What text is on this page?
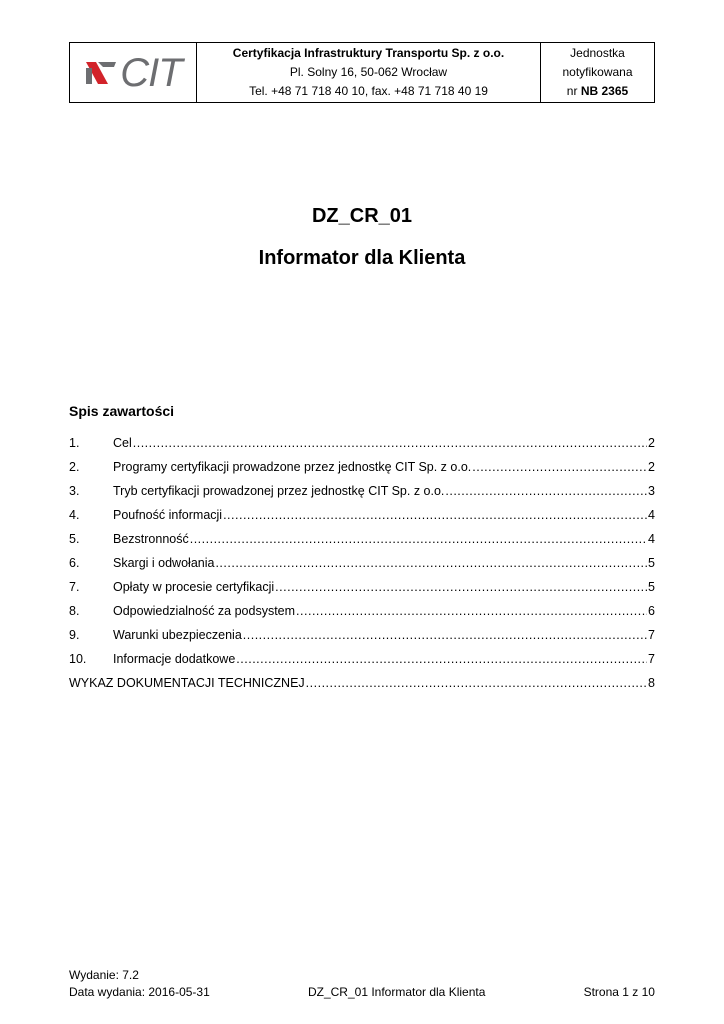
CIT	Certyfikacja Infrastruktury Transportu Sp. z o.o.
Pl. Solny 16, 50-062 Wrocław
Tel. +48 71 718 40 10, fax. +48 71 718 40 19
Jednostka
notyfikowana
nr NB 2365
DZ_CR_01
Informator dla Klienta
Spis zawartości
1.	Cel .....	2
2.	Programy certyfikacji prowadzone przez jednostkę CIT Sp. z o.o. .....	2
3.	Tryb certyfikacji prowadzonej przez jednostkę CIT Sp. z o.o. .....	3
4.	Poufność informacji .....	4
5.	Bezstronność .....	4
6.	Skargi i odwołania .....	5
7.	Opłaty w procesie certyfikacji .....	5
8.	Odpowiedzialność za podsystem .....	6
9.	Warunki ubezpieczenia .....	7
10.	Informacje dodatkowe .....	7
WYKAZ DOKUMENTACJI TECHNICZNEJ .....	8
Wydanie: 7.2
Data wydania: 2016-05-31	DZ_CR_01 Informator dla Klienta	Strona 1 z 10
